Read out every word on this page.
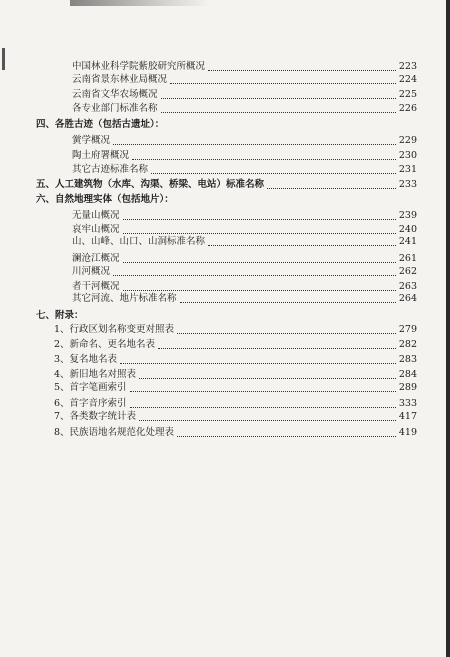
中国林业科学院紫胶研究所概况	223
云南省景东林业局概况	224
云南省文华农场概况	225
各专业部门标准名称	226
四、各胜古迹（包括古遗址）：
黉学概况	229
陶土府署概况	230
其它古迹标准名称	231
五、人工建筑物（水库、沟渠、桥梁、电站）标准名称	233
六、自然地理实体（包括地片）：
无量山概况	239
哀牢山概况	240
山、山峰、山口、山洞标准名称	241
澜沧江概况	261
川河概况	262
者干河概况	263
其它河流、地片标准名称	264
七、附录：
1、行政区划名称变更对照表	279
2、新命名、更名地名表	282
3、复名地名表	283
4、新旧地名对照表	284
5、首字笔画索引	289
6、首字音序索引	333
7、各类数字统计表	417
8、民族语地名规范化处理表	419
